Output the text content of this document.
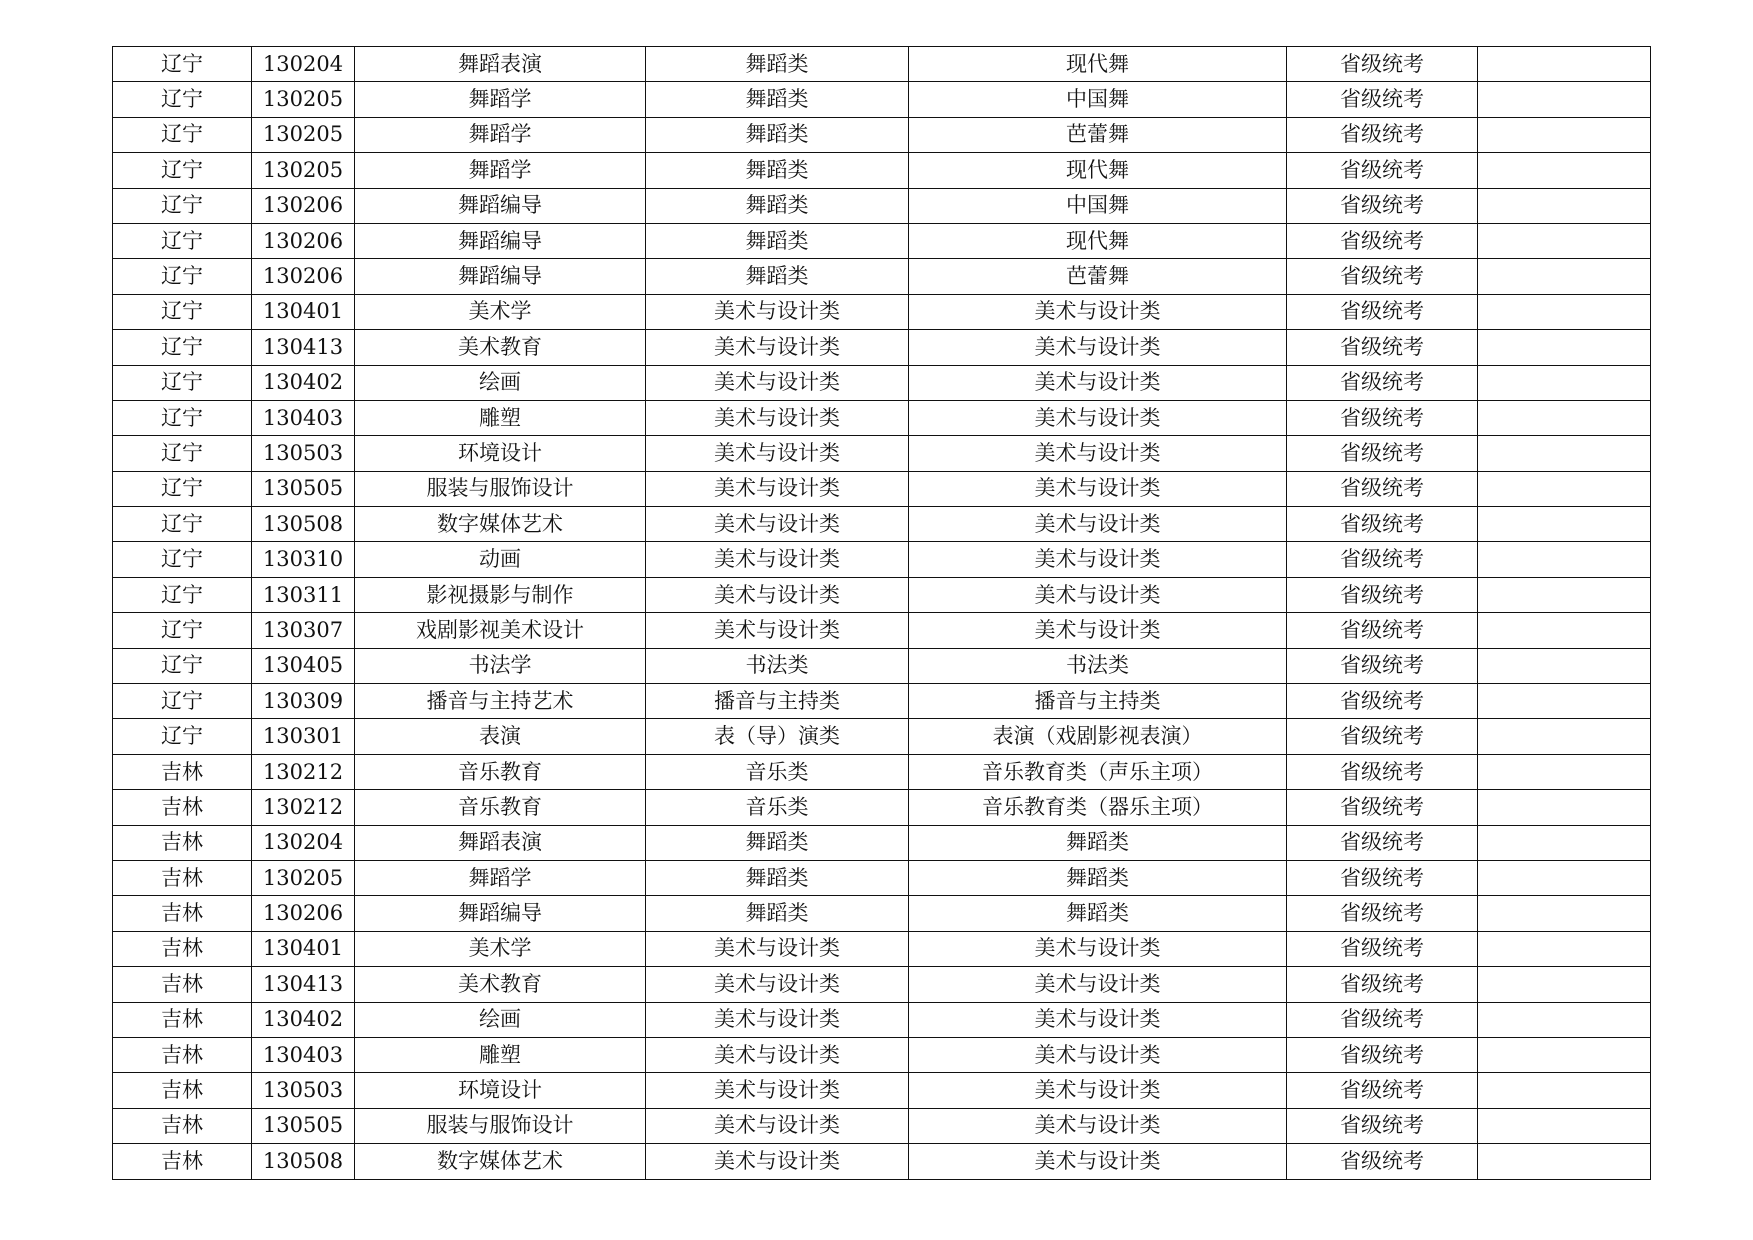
辽宁	130204	舞蹈表演	舞蹈类	现代舞	省级统考	
辽宁	130205	舞蹈学	舞蹈类	中国舞	省级统考	
辽宁	130205	舞蹈学	舞蹈类	芭蕾舞	省级统考	
辽宁	130205	舞蹈学	舞蹈类	现代舞	省级统考	
辽宁	130206	舞蹈编导	舞蹈类	中国舞	省级统考	
辽宁	130206	舞蹈编导	舞蹈类	现代舞	省级统考	
辽宁	130206	舞蹈编导	舞蹈类	芭蕾舞	省级统考	
辽宁	130401	美术学	美术与设计类	美术与设计类	省级统考	
辽宁	130413	美术教育	美术与设计类	美术与设计类	省级统考	
辽宁	130402	绘画	美术与设计类	美术与设计类	省级统考	
辽宁	130403	雕塑	美术与设计类	美术与设计类	省级统考	
辽宁	130503	环境设计	美术与设计类	美术与设计类	省级统考	
辽宁	130505	服装与服饰设计	美术与设计类	美术与设计类	省级统考	
辽宁	130508	数字媒体艺术	美术与设计类	美术与设计类	省级统考	
辽宁	130310	动画	美术与设计类	美术与设计类	省级统考	
辽宁	130311	影视摄影与制作	美术与设计类	美术与设计类	省级统考	
辽宁	130307	戏剧影视美术设计	美术与设计类	美术与设计类	省级统考	
辽宁	130405	书法学	书法类	书法类	省级统考	
辽宁	130309	播音与主持艺术	播音与主持类	播音与主持类	省级统考	
辽宁	130301	表演	表（导）演类	表演（戏剧影视表演）	省级统考	
吉林	130212	音乐教育	音乐类	音乐教育类（声乐主项）	省级统考	
吉林	130212	音乐教育	音乐类	音乐教育类（器乐主项）	省级统考	
吉林	130204	舞蹈表演	舞蹈类	舞蹈类	省级统考	
吉林	130205	舞蹈学	舞蹈类	舞蹈类	省级统考	
吉林	130206	舞蹈编导	舞蹈类	舞蹈类	省级统考	
吉林	130401	美术学	美术与设计类	美术与设计类	省级统考	
吉林	130413	美术教育	美术与设计类	美术与设计类	省级统考	
吉林	130402	绘画	美术与设计类	美术与设计类	省级统考	
吉林	130403	雕塑	美术与设计类	美术与设计类	省级统考	
吉林	130503	环境设计	美术与设计类	美术与设计类	省级统考	
吉林	130505	服装与服饰设计	美术与设计类	美术与设计类	省级统考	
吉林	130508	数字媒体艺术	美术与设计类	美术与设计类	省级统考	
